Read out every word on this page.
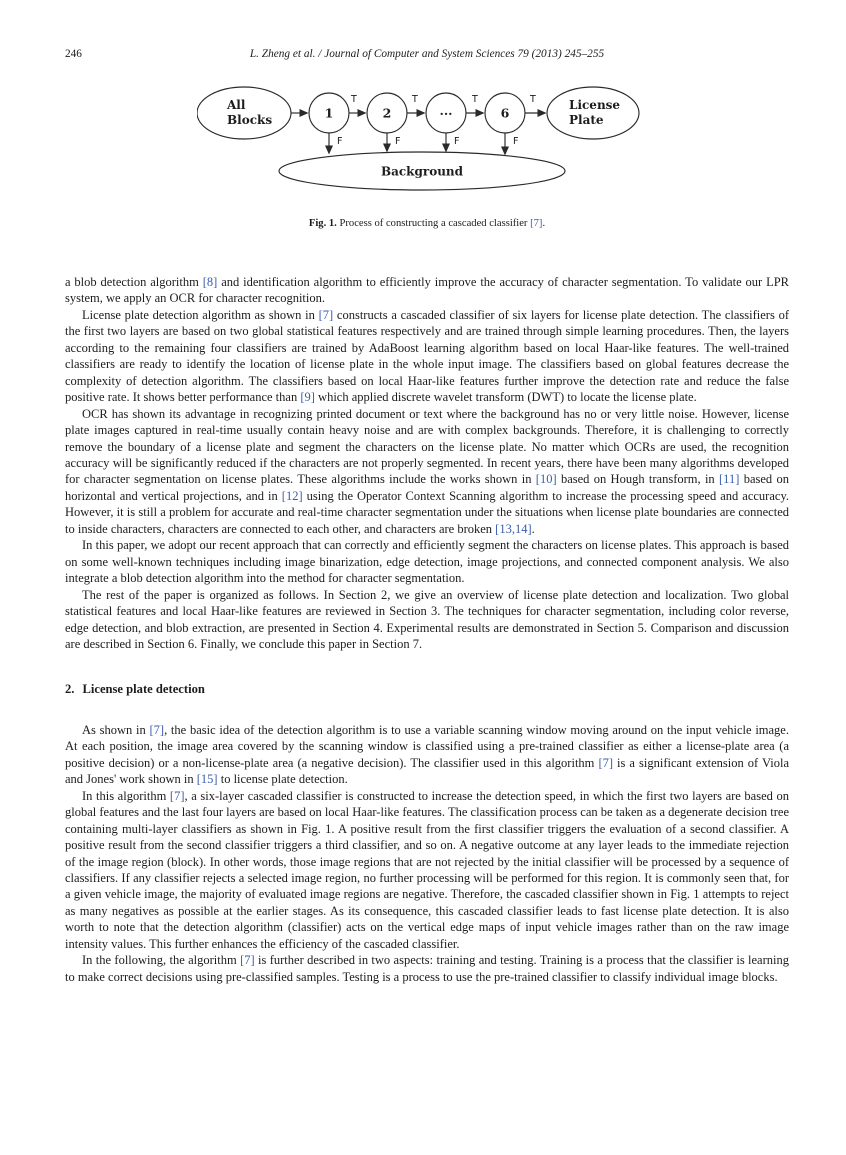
246	L. Zheng et al. / Journal of Computer and System Sciences 79 (2013) 245–255
All Blocks	1	2	...	6
License Plate
Background
T	T	T	T
F	F	F	F
Fig. 1. Process of constructing a cascaded classifier [7].

a blob detection algorithm [8] and identification algorithm to efficiently improve the accuracy of character segmentation. To validate our LPR system, we apply an OCR for character recognition.

License plate detection algorithm as shown in [7] constructs a cascaded classifier of six layers for license plate detection. The classifiers of the first two layers are based on two global statistical features respectively and are trained through simple learning procedures. Then, the layers according to the remaining four classifiers are trained by AdaBoost learning algorithm based on local Haar-like features. The well-trained classifiers are ready to identify the location of license plate in the whole input image. The classifiers based on global features decrease the complexity of detection algorithm. The classifiers based on local Haar-like features further improve the detection rate and reduce the false positive rate. It shows better performance than [9] which applied discrete wavelet transform (DWT) to locate the license plate.

OCR has shown its advantage in recognizing printed document or text where the background has no or very little noise. However, license plate images captured in real-time usually contain heavy noise and are with complex backgrounds. Therefore, it is challenging to correctly remove the boundary of a license plate and segment the characters on the license plate. No matter which OCRs are used, the recognition accuracy will be significantly reduced if the characters are not properly segmented. In recent years, there have been many algorithms developed for character segmentation on license plates. These algorithms include the works shown in [10] based on Hough transform, in [11] based on horizontal and vertical projections, and in [12] using the Operator Context Scanning algorithm to increase the processing speed and accuracy. However, it is still a problem for accurate and real-time character segmentation under the situations when license plate boundaries are connected to inside characters, characters are connected to each other, and characters are broken [13,14].

In this paper, we adopt our recent approach that can correctly and efficiently segment the characters on license plates. This approach is based on some well-known techniques including image binarization, edge detection, image projections, and connected component analysis. We also integrate a blob detection algorithm into the method for character segmentation.

The rest of the paper is organized as follows. In Section 2, we give an overview of license plate detection and localization. Two global statistical features and local Haar-like features are reviewed in Section 3. The techniques for character segmentation, including color reverse, edge detection, and blob extraction, are presented in Section 4. Experimental results are demonstrated in Section 5. Comparison and discussion are described in Section 6. Finally, we conclude this paper in Section 7.

2. License plate detection

As shown in [7], the basic idea of the detection algorithm is to use a variable scanning window moving around on the input vehicle image. At each position, the image area covered by the scanning window is classified using a pre-trained classifier as either a license-plate area (a positive decision) or a non-license-plate area (a negative decision). The classifier used in this algorithm [7] is a significant extension of Viola and Jones' work shown in [15] to license plate detection.

In this algorithm [7], a six-layer cascaded classifier is constructed to increase the detection speed, in which the first two layers are based on global features and the last four layers are based on local Haar-like features. The classification process can be taken as a degenerate decision tree containing multi-layer classifiers as shown in Fig. 1. A positive result from the first classifier triggers the evaluation of a second classifier. A positive result from the second classifier triggers a third classifier, and so on. A negative outcome at any layer leads to the immediate rejection of the image region (block). In other words, those image regions that are not rejected by the initial classifier will be processed by a sequence of classifiers. If any classifier rejects a selected image region, no further processing will be performed for this region. It is commonly seen that, for a given vehicle image, the majority of evaluated image regions are negative. Therefore, the cascaded classifier shown in Fig. 1 attempts to reject as many negatives as possible at the earlier stages. As its consequence, this cascaded classifier leads to fast license plate detection. It is also worth to note that the detection algorithm (classifier) acts on the vertical edge maps of input vehicle images rather than on the raw image intensity values. This further enhances the efficiency of the cascaded classifier.

In the following, the algorithm [7] is further described in two aspects: training and testing. Training is a process that the classifier is learning to make correct decisions using pre-classified samples. Testing is a process to use the pre-trained classifier to classify individual image blocks.
